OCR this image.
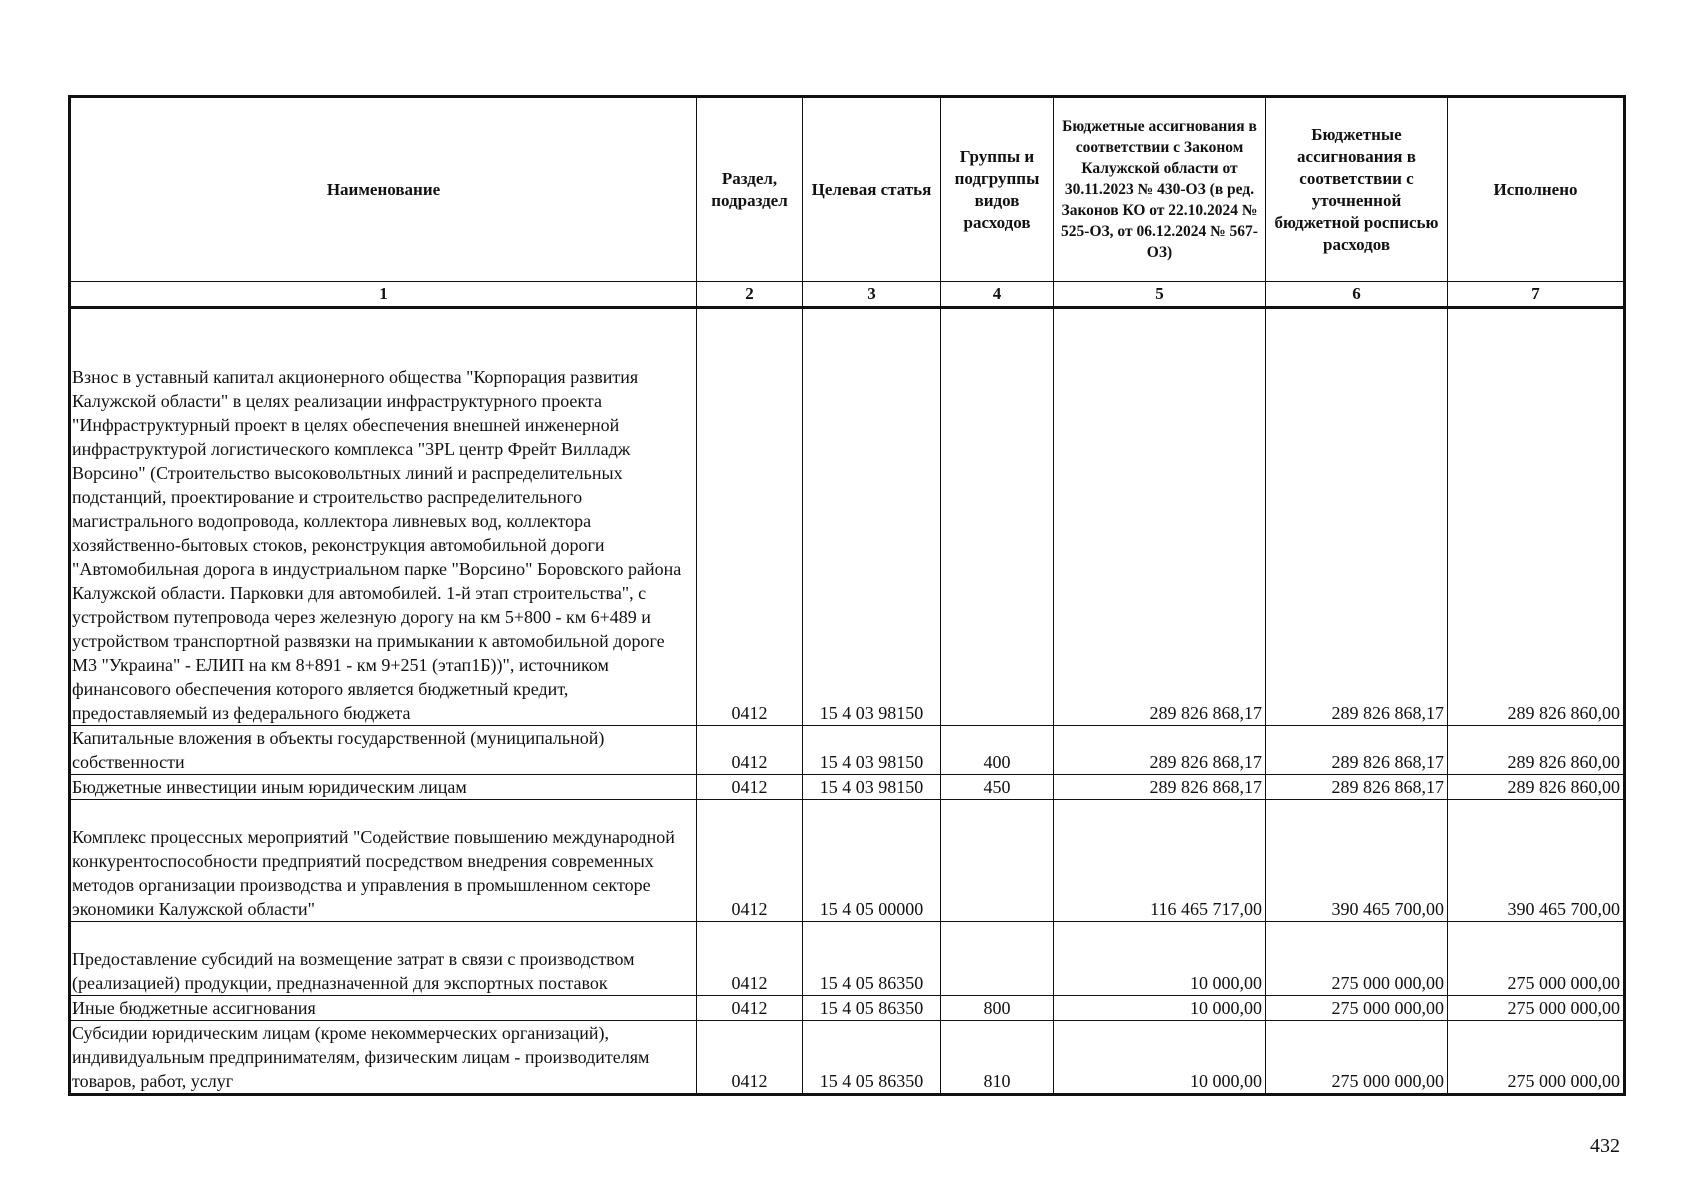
Наименование	Раздел, подраздел	Целевая статья	Группы и подгруппы видов расходов	Бюджетные ассигнования в соответствии с Законом Калужской области от 30.11.2023 № 430-ОЗ (в ред. Законов КО от 22.10.2024 № 525-ОЗ, от 06.12.2024 № 567-ОЗ)	Бюджетные ассигнования в соответствии с уточненной бюджетной росписью расходов	Исполнено
1	2	3	4	5	6	7
Взнос в уставный капитал акционерного общества "Корпорация развития Калужской области" в целях реализации инфраструктурного проекта "Инфраструктурный проект в целях обеспечения внешней инженерной инфраструктурой логистического комплекса "3PL центр Фрейт Вилладж Ворсино" (Строительство высоковольтных линий и распределительных подстанций, проектирование и строительство распределительного магистрального водопровода, коллектора ливневых вод, коллектора хозяйственно-бытовых стоков, реконструкция автомобильной дороги "Автомобильная дорога в индустриальном парке "Ворсино" Боровского района Калужской области. Парковки для автомобилей. 1-й этап строительства", с устройством путепровода через железную дорогу на км 5+800 - км 6+489 и устройством транспортной развязки на примыкании к автомобильной дороге М3 "Украина" - ЕЛИП на км 8+891 - км 9+251 (этап1Б))", источником финансового обеспечения которого является бюджетный кредит, предоставляемый из федерального бюджета	0412	15 4 03 98150		289 826 868,17	289 826 868,17	289 826 860,00
Капитальные вложения в объекты государственной (муниципальной) собственности	0412	15 4 03 98150	400	289 826 868,17	289 826 868,17	289 826 860,00
Бюджетные инвестиции иным юридическим лицам	0412	15 4 03 98150	450	289 826 868,17	289 826 868,17	289 826 860,00
Комплекс процессных мероприятий "Содействие повышению международной конкурентоспособности предприятий посредством внедрения современных методов организации производства и управления в промышленном секторе экономики Калужской области"	0412	15 4 05 00000		116 465 717,00	390 465 700,00	390 465 700,00
Предоставление субсидий на возмещение затрат в связи с производством (реализацией) продукции, предназначенной для экспортных поставок	0412	15 4 05 86350		10 000,00	275 000 000,00	275 000 000,00
Иные бюджетные ассигнования	0412	15 4 05 86350	800	10 000,00	275 000 000,00	275 000 000,00
Субсидии юридическим лицам (кроме некоммерческих организаций), индивидуальным предпринимателям, физическим лицам - производителям товаров, работ, услуг	0412	15 4 05 86350	810	10 000,00	275 000 000,00	275 000 000,00
432
